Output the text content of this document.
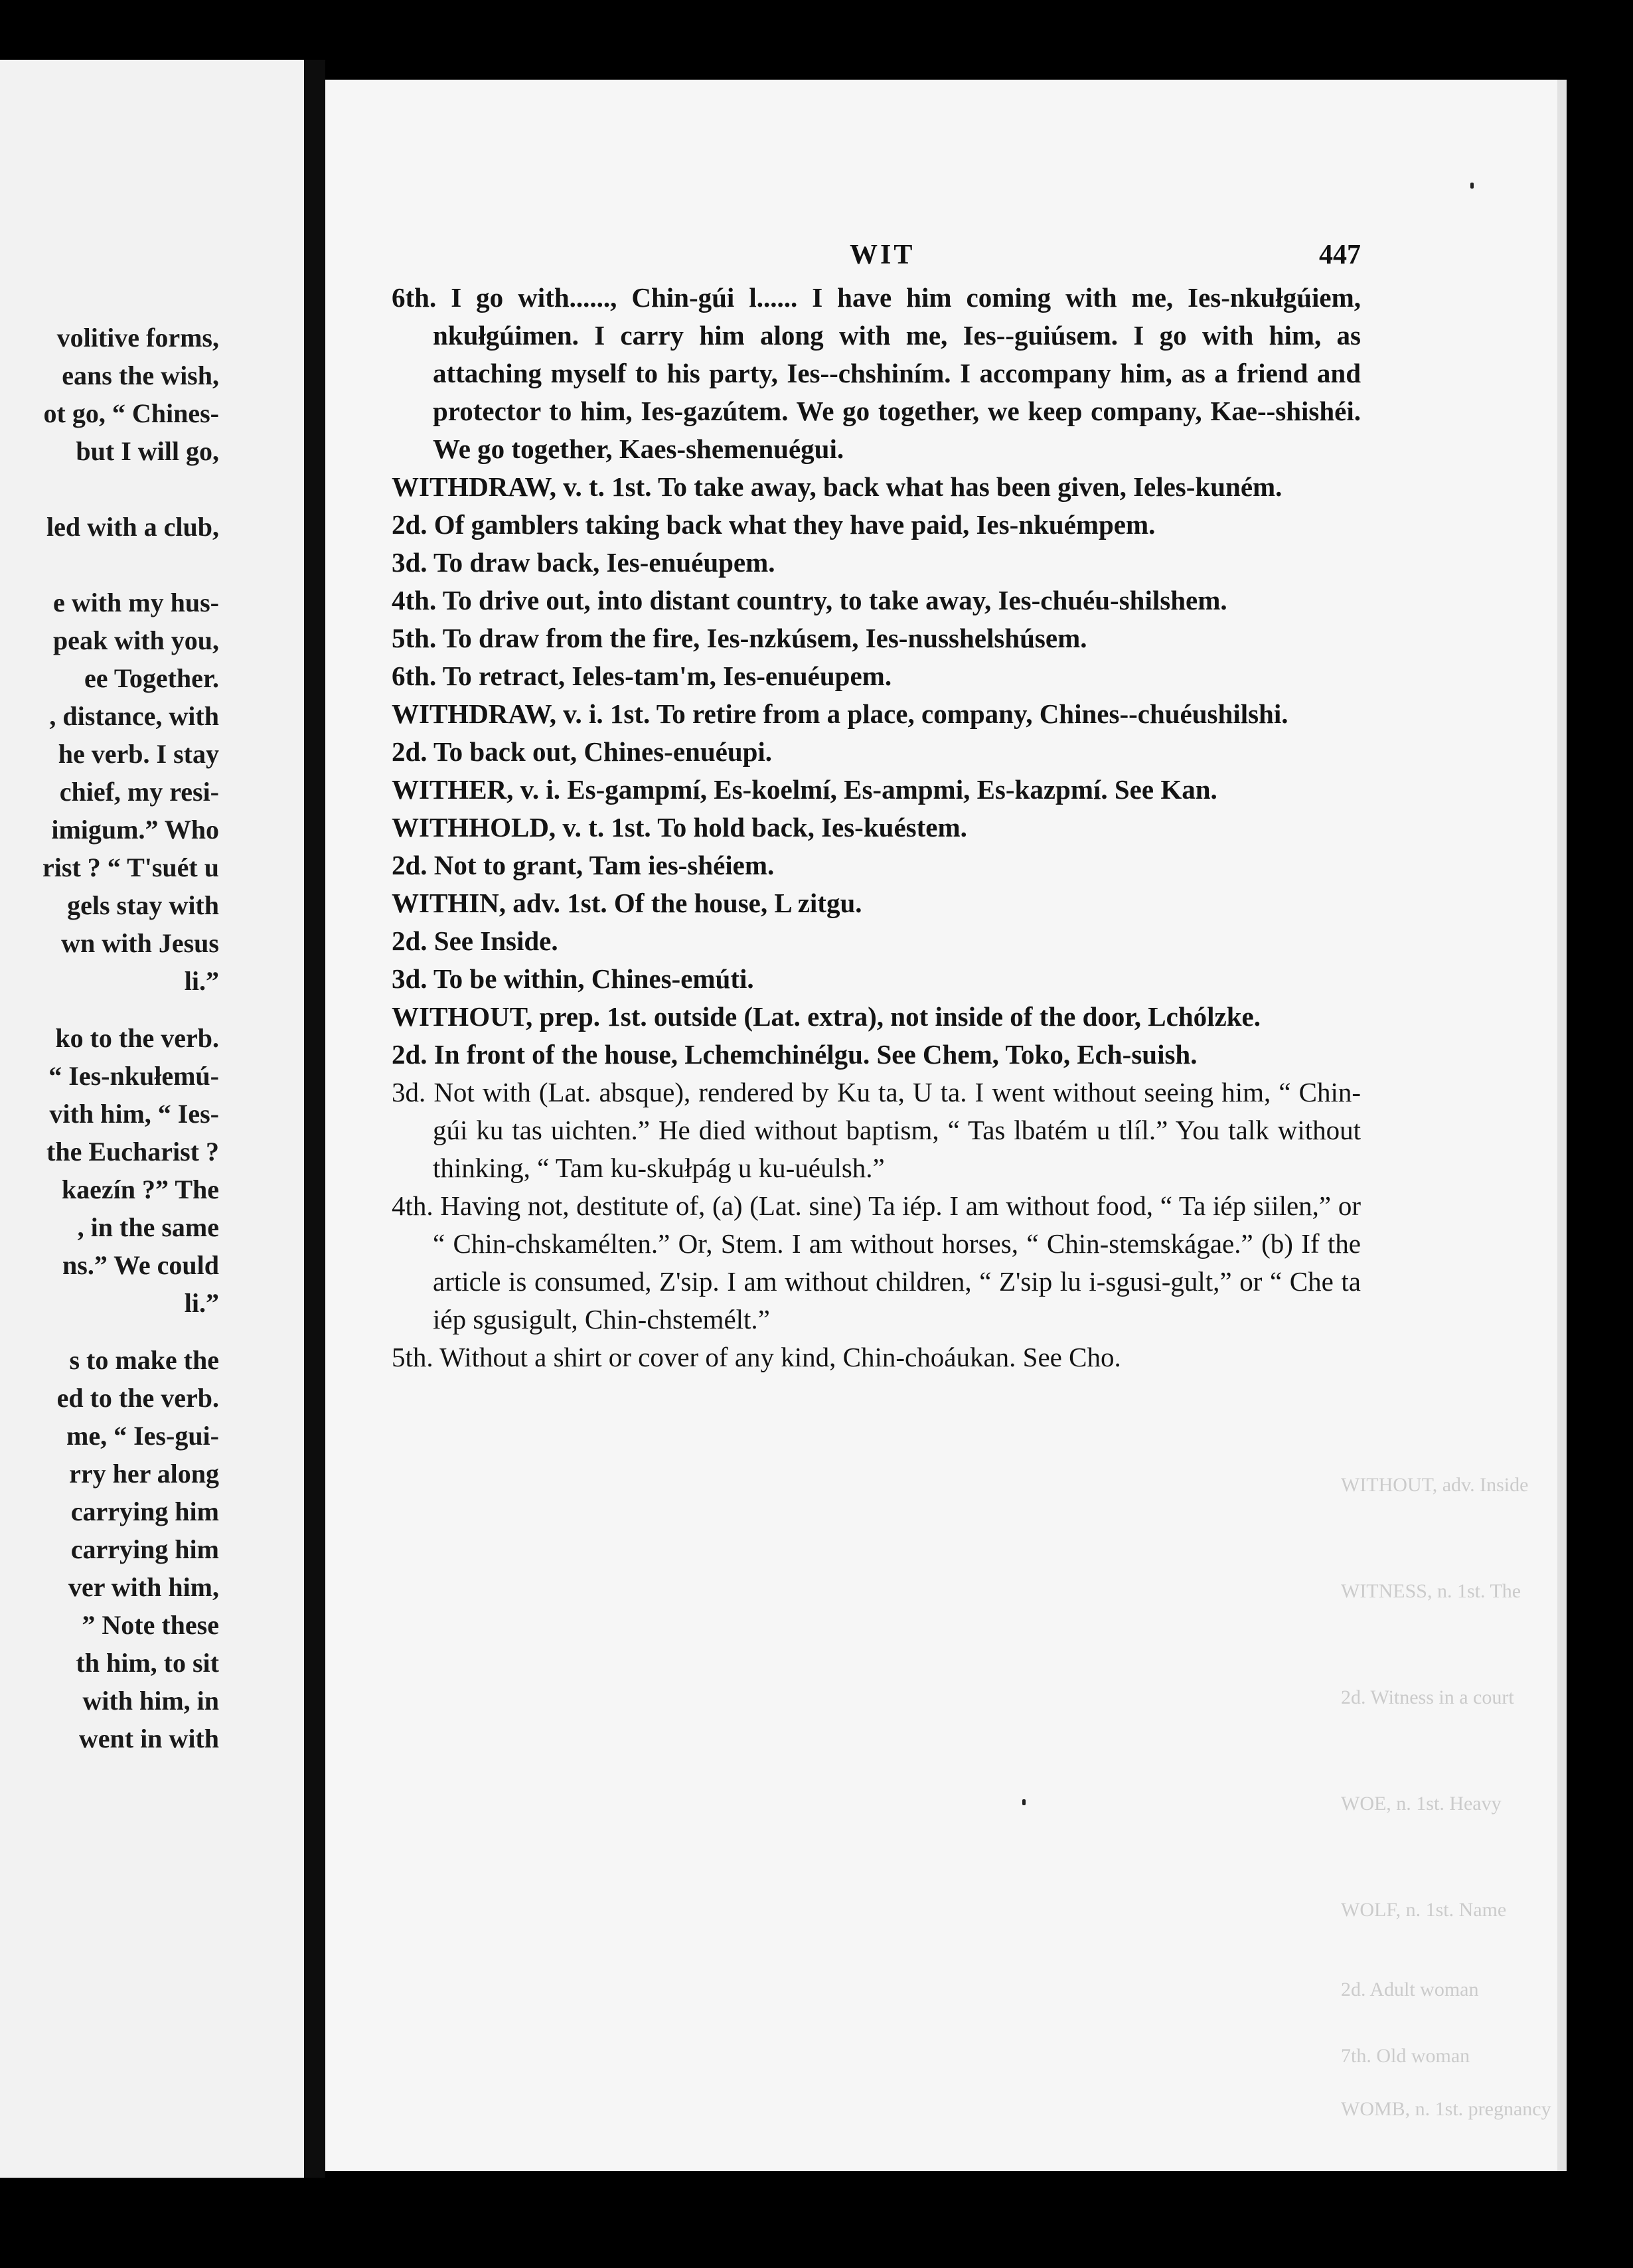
volitive forms,
eans the wish,
ot go, “ Chines-
but I will go,
led with a club,
e with my hus-
peak with you,
ee Together.
, distance, with
he verb. I stay
chief, my resi-
imigum.” Who
rist ? “ T'suét u
gels stay with
wn with Jesus
li.”
ko to the verb.
“ Ies-nkułemú-
vith him, “ Ies-
the Eucharist ?
kaezín ?” The
, in the same
ns.” We could
li.”
s to make the
ed to the verb.
me, “ Ies-gui-
rry her along
carrying him
carrying him
ver with him,
” Note these
th him, to sit
with him, in
went in with
WITHOUT, adv. Inside
WITNESS, n. 1st. The
2d. Witness in a court
WOE, n. 1st. Heavy
WOLF, n. 1st. Name
2d. Adult woman
7th. Old woman
WOMB, n. 1st. pregnancy
WIT	447

6th. I go with......, Chin-gúi l...... I have him coming with me, Ies-nkułgúiem, nkułgúimen. I carry him along with me, Ies--guiúsem. I go with him, as attaching myself to his party, Ies--chshiním. I accompany him, as a friend and protector to him, Ies-gazútem. We go together, we keep company, Kae--shishéi. We go together, Kaes-shemenuégui.

WITHDRAW, v. t. 1st. To take away, back what has been given, Ieles-kuném.

2d. Of gamblers taking back what they have paid, Ies-nkuémpem.

3d. To draw back, Ies-enuéupem.

4th. To drive out, into distant country, to take away, Ies-chuéu-shilshem.

5th. To draw from the fire, Ies-nzkúsem, Ies-nusshelshúsem.

6th. To retract, Ieles-tam'm, Ies-enuéupem.

WITHDRAW, v. i. 1st. To retire from a place, company, Chines--chuéushilshi.

2d. To back out, Chines-enuéupi.

WITHER, v. i. Es-gampmí, Es-koelmí, Es-ampmi, Es-kazpmí. See Kan.

WITHHOLD, v. t. 1st. To hold back, Ies-kuéstem.

2d. Not to grant, Tam ies-shéiem.

WITHIN, adv. 1st. Of the house, L zitgu.

2d. See Inside.

3d. To be within, Chines-emúti.

WITHOUT, prep. 1st. outside (Lat. extra), not inside of the door, Lchólzke.

2d. In front of the house, Lchemchinélgu. See Chem, Toko, Ech-suish.

3d. Not with (Lat. absque), rendered by Ku ta, U ta. I went without seeing him, “ Chin-gúi ku tas uichten.” He died without baptism, “ Tas lbatém u tlíl.” You talk without thinking, “ Tam ku-skułpág u ku-uéulsh.”

4th. Having not, destitute of, (a) (Lat. sine) Ta iép. I am without food, “ Ta iép siilen,” or “ Chin-chskamélten.” Or, Stem. I am without horses, “ Chin-stemskágae.” (b) If the article is consumed, Z'sip. I am without children, “ Z'sip lu i-sgusi-gult,” or “ Che ta iép sgusigult, Chin-chstemélt.”

5th. Without a shirt or cover of any kind, Chin-choáukan. See Cho.
